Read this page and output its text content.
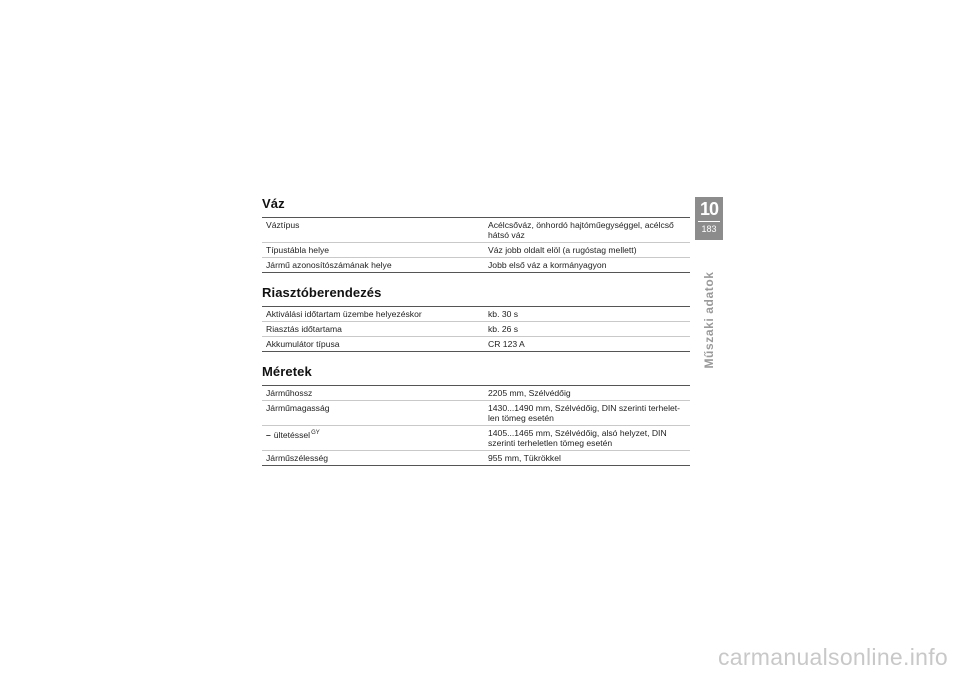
Váz
Váztípus	Acélcsőváz, önhordó hajtóműegységgel, acélcső hátsó váz
Típustábla helye	Váz jobb oldalt elöl (a rugóstag mellett)
Jármű azonosítószámának helye	Jobb első váz a kormányagyon
Riasztóberendezés
Aktiválási időtartam üzembe helyezéskor	kb. 30 s
Riasztás időtartama	kb. 26 s
Akkumulátor típusa	CR 123 A
Méretek
Járműhossz	2205 mm, Szélvédőig
Járműmagasság	1430...1490 mm, Szélvédőig, DIN szerinti terhelet-len tömeg esetén
– ültetéssel$^{GY}$	1405...1465 mm, Szélvédőig, alsó helyzet, DIN szerinti terheletlen tömeg esetén
Járműszélesség	955 mm, Tükrökkel
10
183
Műszaki adatok
carmanualsonline.info
